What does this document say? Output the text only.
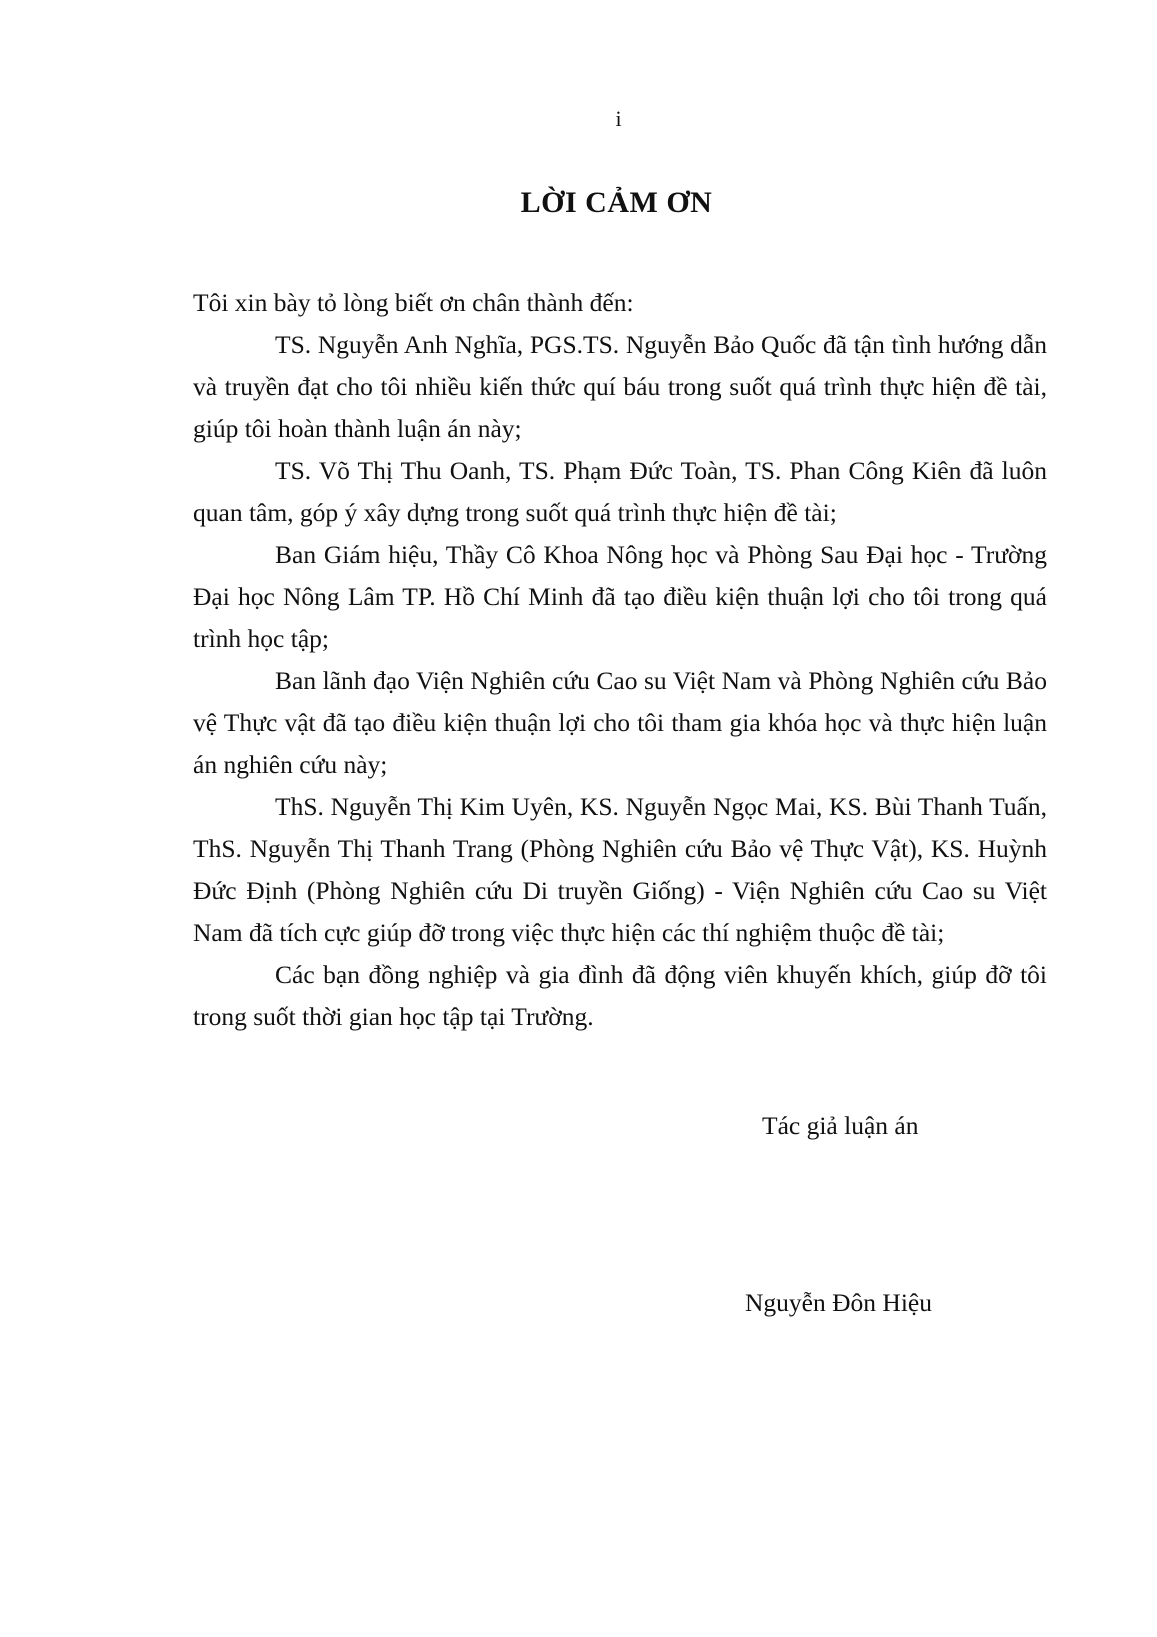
i
LỜI CẢM ƠN

Tôi xin bày tỏ lòng biết ơn chân thành đến:

TS. Nguyễn Anh Nghĩa, PGS.TS. Nguyễn Bảo Quốc đã tận tình hướng dẫn và truyền đạt cho tôi nhiều kiến thức quí báu trong suốt quá trình thực hiện đề tài, giúp tôi hoàn thành luận án này;

TS. Võ Thị Thu Oanh, TS. Phạm Đức Toàn, TS. Phan Công Kiên đã luôn quan tâm, góp ý xây dựng trong suốt quá trình thực hiện đề tài;

Ban Giám hiệu, Thầy Cô Khoa Nông học và Phòng Sau Đại học - Trường Đại học Nông Lâm TP. Hồ Chí Minh đã tạo điều kiện thuận lợi cho tôi trong quá trình học tập;

Ban lãnh đạo Viện Nghiên cứu Cao su Việt Nam và Phòng Nghiên cứu Bảo vệ Thực vật đã tạo điều kiện thuận lợi cho tôi tham gia khóa học và thực hiện luận án nghiên cứu này;

ThS. Nguyễn Thị Kim Uyên, KS. Nguyễn Ngọc Mai, KS. Bùi Thanh Tuấn, ThS. Nguyễn Thị Thanh Trang (Phòng Nghiên cứu Bảo vệ Thực Vật), KS. Huỳnh Đức Định (Phòng Nghiên cứu Di truyền Giống) - Viện Nghiên cứu Cao su Việt Nam đã tích cực giúp đỡ trong việc thực hiện các thí nghiệm thuộc đề tài;

Các bạn đồng nghiệp và gia đình đã động viên khuyến khích, giúp đỡ tôi trong suốt thời gian học tập tại Trường.

Tác giả luận án
Nguyễn Đôn Hiệu
